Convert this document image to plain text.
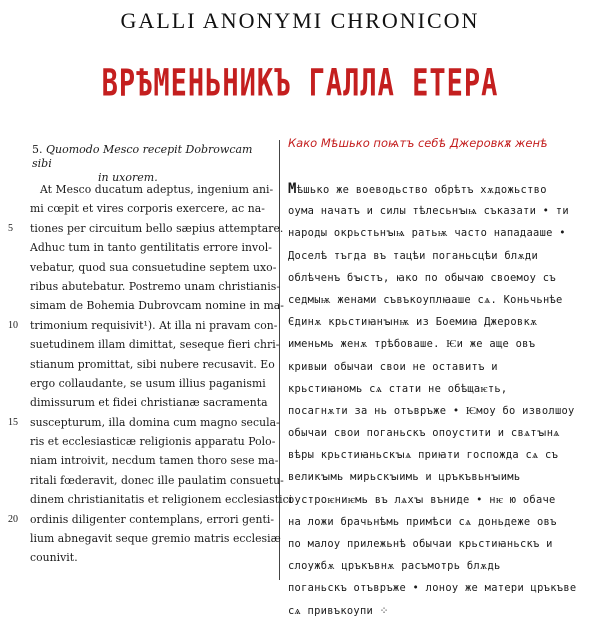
GALLI ANONYMI CHRONICON
ВРѢМЕНЬНИКЪ ГАЛЛА ЕТЕРА
5. Quomodo Mesco recepit Dobrowcam sibi
in uxorem.
At Mesco ducatum adeptus, ingenium ani-
mi cœpit et vires corporis exercere, ac na-
5	tiones per circuitum bello sæpius attemptare.
Adhuc tum in tanto gentilitatis errore invol-
vebatur, quod sua consuetudine septem uxo-
ribus abutebatur. Postremo unam christianis-
simam de Bohemia Dubrovcam nomine in ma-
10	trimonium requisivit¹). At illa ni pravam con-
suetudinem illam dimittat, seseque fieri chri-
stianum promittat, sibi nubere recusavit. Eo
ergo collaudante, se usum illius paganismi
dimissurum et fidei christianæ sacramenta
15	suscepturum, illa domina cum magno secula-
ris et ecclesiasticæ religionis apparatu Polo-
niam introivit, necdum tamen thoro sese ma-
ritali fœderavit, donec ille paulatim consuetu-
dinem christianitatis et religionem ecclesiastici
20	ordinis diligenter contemplans, errori genti-
lium abnegavit seque gremio matris ecclesiæ
counivit.
Како Мѣшько поѩтъ себѣ Джеровкѫ женѣ
Мѣшько же воеводьство обрѣтъ хѫдожьство
оума начатъ и силы тѣлесьнꙑѩ съказати • ти
народы окрьстьнꙑѩ ратьѭ часто нападааше •
Доселѣ тъгда въ тацѣи поганьсцѣи блѫди
облѣченъ бꙑстъ, ꙗко по обычаю своемоу съ
седмыѭ женами съвъкоуплꙗаше сѧ. Коньчьнѣе
Єдинѫ крьстиꙗнꙑнѭ из Боемиꙗ Джеровкѫ
именьмь женѫ трѣбоваше. Ѥи же аще овъ
кривыи обычаи свои не оставитъ и
крьстиꙗномь сѧ стати не обѣщаѥть,
посагнѫти за нь отъвръже • Ѥмоу бо изволшоу
обычаи свои поганьскъ опоустити и свѧтꙑнѧ
вѣры крьстиꙗньскꙑѧ приꙗти госпожда сѧ съ
великꙑмь мирьскꙑимь и цръкъвьнꙑимь
оустроѥниѥмь въ лѧхꙑ въниде • нѥ ю обаче
на ложи брачьнѣмь примѣси сѧ доньдеже овъ
по малоу прилежьнѣ обычаи крьстиꙗньскъ и
слоужбѫ цръкъвнѫ расъмотрь блѫдь
поганьскъ отъвръже • лоноу же матери цръкъве
сѧ привъкоупи ⁘
